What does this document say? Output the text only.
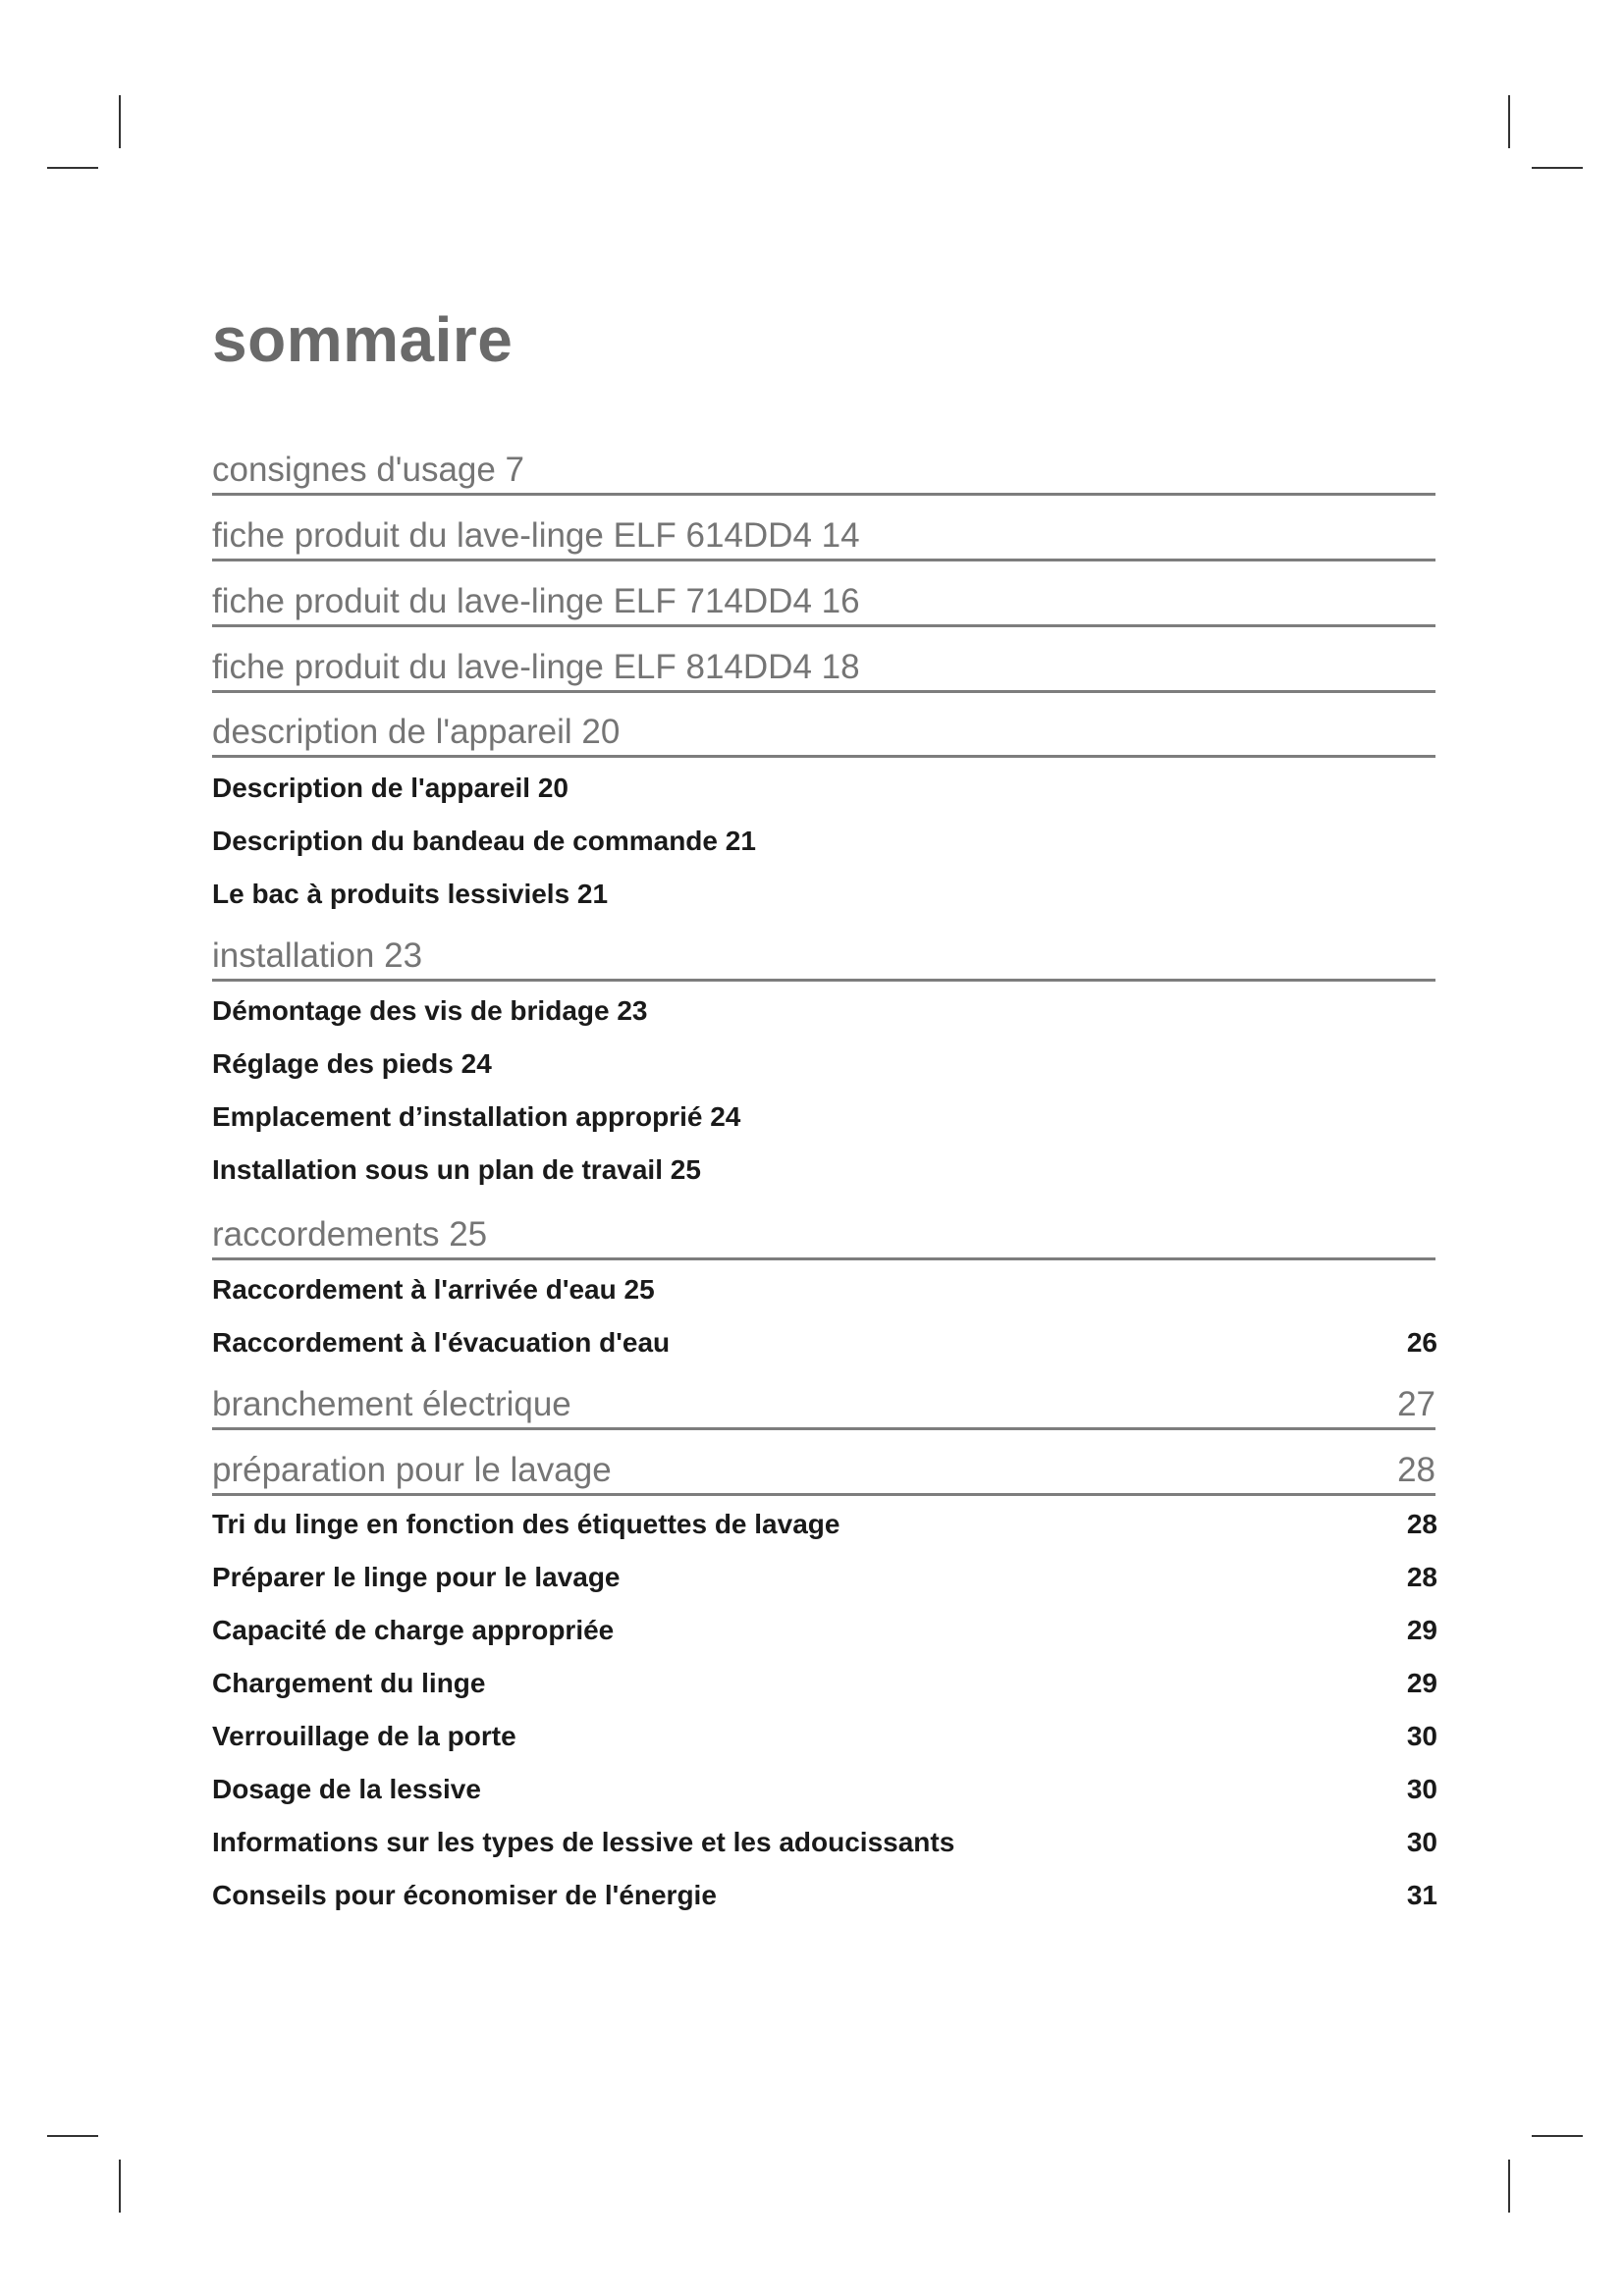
sommaire
consignes d'usage 7
fiche produit du lave-linge ELF 614DD4 14
fiche produit du lave-linge ELF 714DD4 16
fiche produit du lave-linge ELF 814DD4 18
description de l'appareil 20
Description de l'appareil 20
Description du bandeau de commande 21
Le bac à produits lessiviels 21
installation 23
Démontage des vis de bridage 23
Réglage des pieds 24
Emplacement d’installation approprié 24
Installation sous un plan de travail 25
raccordements 25
Raccordement à l'arrivée d'eau 25
Raccordement à l'évacuation d'eau	26
branchement électrique	27
préparation pour le lavage	28
Tri du linge en fonction des étiquettes de lavage	28
Préparer le linge pour le lavage	28
Capacité de charge appropriée	29
Chargement du linge	29
Verrouillage de la porte	30
Dosage de la lessive	30
Informations sur les types de lessive et les adoucissants	30
Conseils pour économiser de l'énergie	31
